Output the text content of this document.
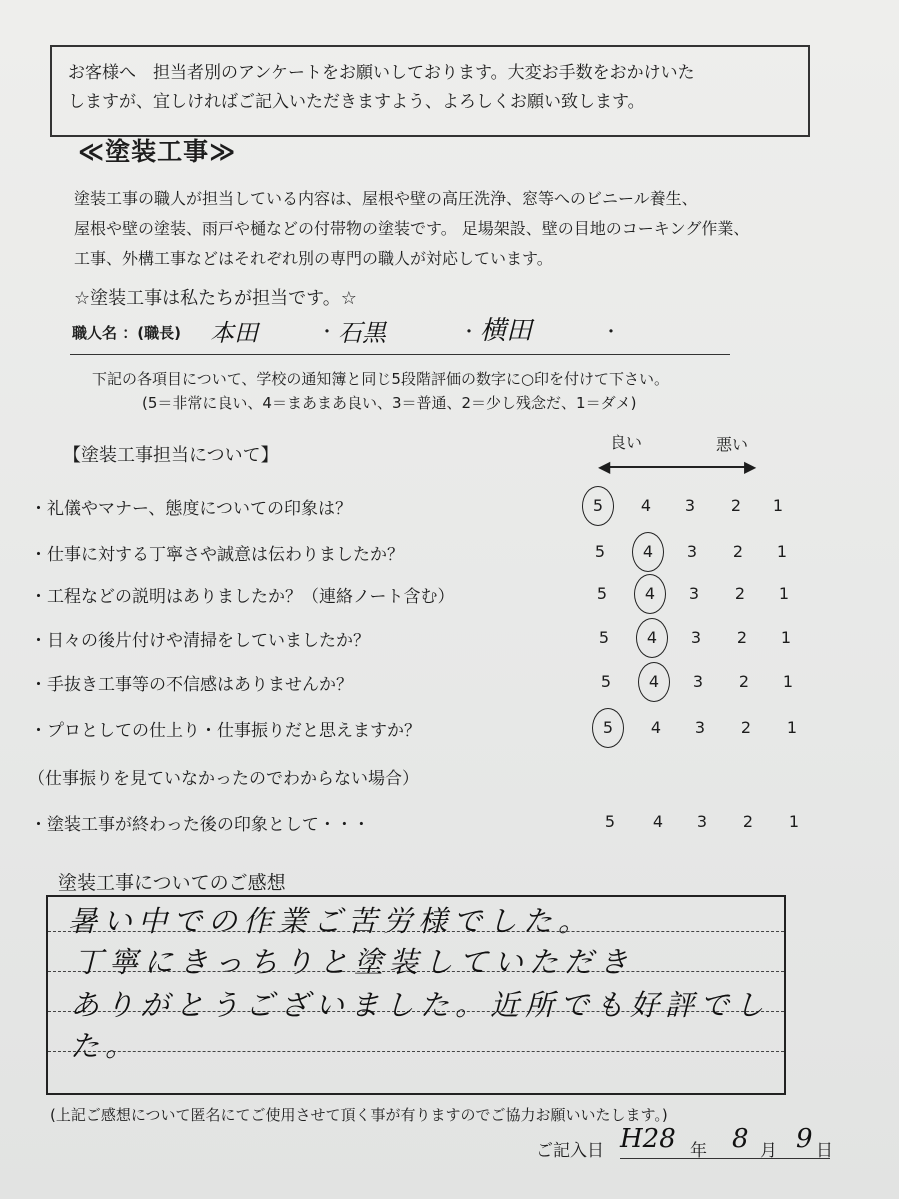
お客様へ　担当者別のアンケートをお願いしております。大変お手数をおかけいた
しますが、宜しければご記入いただきますよう、よろしくお願い致します。
≪塗装工事≫
塗装工事の職人が担当している内容は、屋根や壁の高圧洗浄、窓等へのビニール養生、
屋根や壁の塗装、雨戸や樋などの付帯物の塗装です。 足場架設、壁の目地のコーキング作業、
工事、外構工事などはそれぞれ別の専門の職人が対応しています。
☆塗装工事は私たちが担当です。☆
職人名 ：(職長) 本田	・ 石黒	・ 横田	・
下記の各項目について、学校の通知簿と同じ5段階評価の数字に○印を付けて下さい。
(5＝非常に良い、4＝まあまあ良い、3＝普通、2＝少し残念だ、1＝ダメ)
【塗装工事担当について】
良い	悪い
◀	▶
・礼儀やマナー、態度についての印象は？	5	4	3	2	1
・仕事に対する丁寧さや誠意は伝わりましたか？	5	4	3	2	1
・工程などの説明はありましたか？（連絡ノート含む）	5	4	3	2	1
・日々の後片付けや清掃をしていましたか？	5	4	3	2	1
・手抜き工事等の不信感はありませんか？	5	4	3	2	1
・プロとしての仕上り・仕事振りだと思えますか？	5	4	3	2	1
（仕事振りを見ていなかったのでわからない場合）
・塗装工事が終わった後の印象として・・・	5	4	3	2	1
塗装工事についてのご感想
暑い中での作業ご苦労様でした。
丁寧にきっちりと塗装していただき
ありがとうございました。近所でも好評でした。
(上記ご感想について匿名にてご使用させて頂く事が有りますのでご協力お願いいたします。)
ご記入日 H28 年 8 月 9 日
